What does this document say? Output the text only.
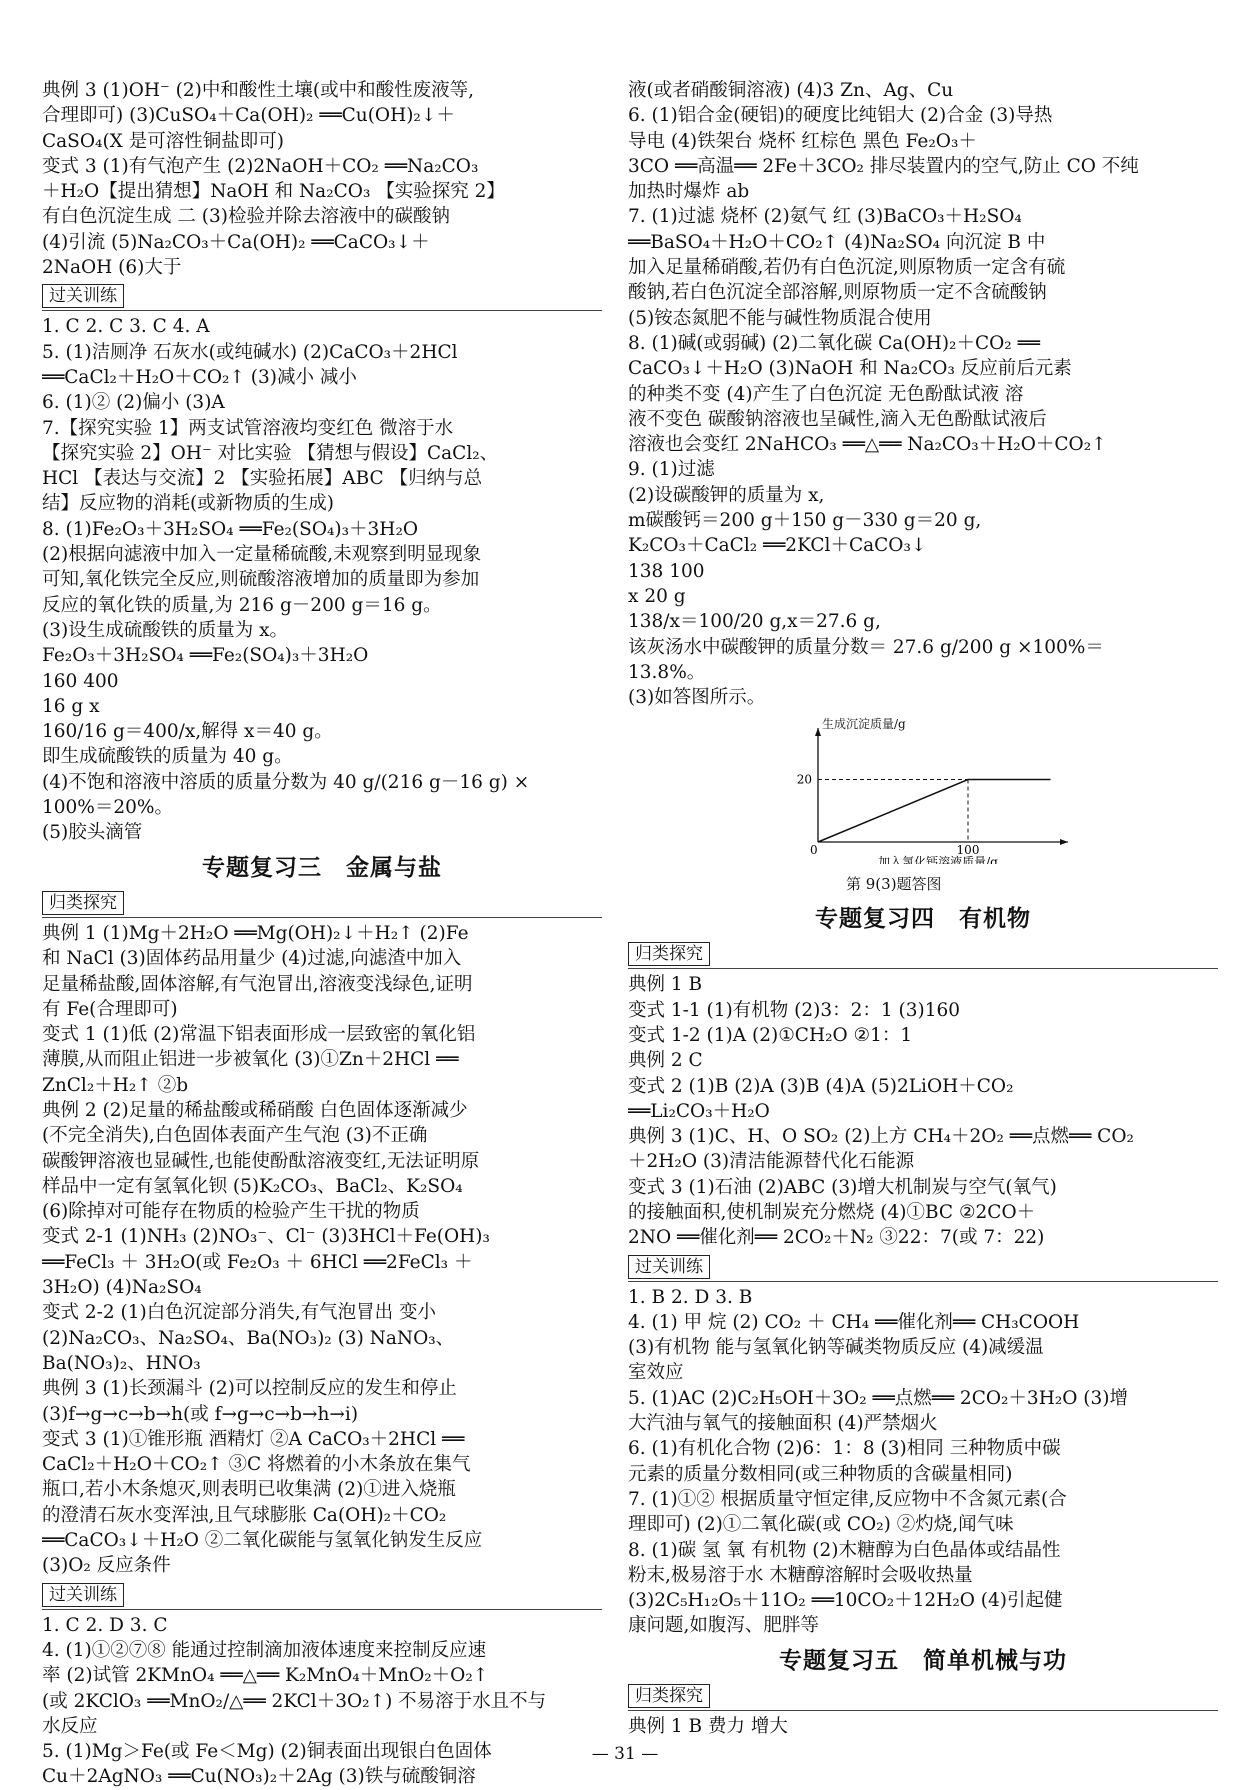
典例 3 (1)OH⁻ (2)中和酸性土壤(或中和酸性废液等,
合理即可) (3)CuSO₄＋Ca(OH)₂ ══Cu(OH)₂↓＋
CaSO₄(X 是可溶性铜盐即可)
变式 3 (1)有气泡产生 (2)2NaOH＋CO₂ ══Na₂CO₃
＋H₂O【提出猜想】NaOH 和 Na₂CO₃ 【实验探究 2】
有白色沉淀生成 二 (3)检验并除去溶液中的碳酸钠
(4)引流 (5)Na₂CO₃＋Ca(OH)₂ ══CaCO₃↓＋
2NaOH (6)大于
过关训练
1. C 2. C 3. C 4. A
5. (1)洁厕净 石灰水(或纯碱水) (2)CaCO₃＋2HCl
══CaCl₂＋H₂O＋CO₂↑ (3)减小 减小
6. (1)② (2)偏小 (3)A
7.【探究实验 1】两支试管溶液均变红色 微溶于水
【探究实验 2】OH⁻ 对比实验 【猜想与假设】CaCl₂、
HCl 【表达与交流】2 【实验拓展】ABC 【归纳与总
结】反应物的消耗(或新物质的生成)
8. (1)Fe₂O₃＋3H₂SO₄ ══Fe₂(SO₄)₃＋3H₂O
(2)根据向滤液中加入一定量稀硫酸,未观察到明显现象
可知,氧化铁完全反应,则硫酸溶液增加的质量即为参加
反应的氧化铁的质量,为 216 g－200 g＝16 g。
(3)设生成硫酸铁的质量为 x。
Fe₂O₃＋3H₂SO₄ ══Fe₂(SO₄)₃＋3H₂O
160 400
16 g x
160/16 g＝400/x,解得 x＝40 g。
即生成硫酸铁的质量为 40 g。
(4)不饱和溶液中溶质的质量分数为 40 g/(216 g－16 g) ×
100%＝20%。
(5)胶头滴管
专题复习三　金属与盐
归类探究
典例 1 (1)Mg＋2H₂O ══Mg(OH)₂↓＋H₂↑ (2)Fe
和 NaCl (3)固体药品用量少 (4)过滤,向滤渣中加入
足量稀盐酸,固体溶解,有气泡冒出,溶液变浅绿色,证明
有 Fe(合理即可)
变式 1 (1)低 (2)常温下铝表面形成一层致密的氧化铝
薄膜,从而阻止铝进一步被氧化 (3)①Zn＋2HCl ══
ZnCl₂＋H₂↑ ②b
典例 2 (2)足量的稀盐酸或稀硝酸 白色固体逐渐减少
(不完全消失),白色固体表面产生气泡 (3)不正确
碳酸钾溶液也显碱性,也能使酚酞溶液变红,无法证明原
样品中一定有氢氧化钡 (5)K₂CO₃、BaCl₂、K₂SO₄
(6)除掉对可能存在物质的检验产生干扰的物质
变式 2-1 (1)NH₃ (2)NO₃⁻、Cl⁻ (3)3HCl＋Fe(OH)₃
══FeCl₃ ＋ 3H₂O(或 Fe₂O₃ ＋ 6HCl ══2FeCl₃ ＋
3H₂O) (4)Na₂SO₄
变式 2-2 (1)白色沉淀部分消失,有气泡冒出 变小
(2)Na₂CO₃、Na₂SO₄、Ba(NO₃)₂ (3) NaNO₃、
Ba(NO₃)₂、HNO₃
典例 3 (1)长颈漏斗 (2)可以控制反应的发生和停止
(3)f→g→c→b→h(或 f→g→c→b→h→i)
变式 3 (1)①锥形瓶 酒精灯 ②A CaCO₃＋2HCl ══
CaCl₂＋H₂O＋CO₂↑ ③C 将燃着的小木条放在集气
瓶口,若小木条熄灭,则表明已收集满 (2)①进入烧瓶
的澄清石灰水变浑浊,且气球膨胀 Ca(OH)₂＋CO₂
══CaCO₃↓＋H₂O ②二氧化碳能与氢氧化钠发生反应
(3)O₂ 反应条件
过关训练
1. C 2. D 3. C
4. (1)①②⑦⑧ 能通过控制滴加液体速度来控制反应速
率 (2)试管 2KMnO₄ ══△══ K₂MnO₄＋MnO₂＋O₂↑
(或 2KClO₃ ══MnO₂/△══ 2KCl＋3O₂↑) 不易溶于水且不与
水反应
5. (1)Mg＞Fe(或 Fe＜Mg) (2)铜表面出现银白色固体
Cu＋2AgNO₃ ══Cu(NO₃)₂＋2Ag (3)铁与硫酸铜溶
液(或者硝酸铜溶液) (4)3 Zn、Ag、Cu
6. (1)铝合金(硬铝)的硬度比纯铝大 (2)合金 (3)导热
导电 (4)铁架台 烧杯 红棕色 黑色 Fe₂O₃＋
3CO ══高温══ 2Fe＋3CO₂ 排尽装置内的空气,防止 CO 不纯
加热时爆炸 ab
7. (1)过滤 烧杯 (2)氨气 红 (3)BaCO₃＋H₂SO₄
══BaSO₄＋H₂O＋CO₂↑ (4)Na₂SO₄ 向沉淀 B 中
加入足量稀硝酸,若仍有白色沉淀,则原物质一定含有硫
酸钠,若白色沉淀全部溶解,则原物质一定不含硫酸钠
(5)铵态氮肥不能与碱性物质混合使用
8. (1)碱(或弱碱) (2)二氧化碳 Ca(OH)₂＋CO₂ ══
CaCO₃↓＋H₂O (3)NaOH 和 Na₂CO₃ 反应前后元素
的种类不变 (4)产生了白色沉淀 无色酚酞试液 溶
液不变色 碳酸钠溶液也呈碱性,滴入无色酚酞试液后
溶液也会变红 2NaHCO₃ ══△══ Na₂CO₃＋H₂O＋CO₂↑
9. (1)过滤
(2)设碳酸钾的质量为 x,
m碳酸钙＝200 g＋150 g－330 g＝20 g,
K₂CO₃＋CaCl₂ ══2KCl＋CaCO₃↓
138 100
x 20 g
138/x＝100/20 g,x＝27.6 g,
该灰汤水中碳酸钾的质量分数＝ 27.6 g/200 g ×100%＝
13.8%。
(3)如答图所示。
生成沉淀质量/g
20
0	100
加入氯化钙溶液质量/g
第 9(3)题答图
专题复习四　有机物
归类探究
典例 1 B
变式 1-1 (1)有机物 (2)3：2：1 (3)160
变式 1-2 (1)A (2)①CH₂O ②1：1
典例 2 C
变式 2 (1)B (2)A (3)B (4)A (5)2LiOH＋CO₂
══Li₂CO₃＋H₂O
典例 3 (1)C、H、O SO₂ (2)上方 CH₄＋2O₂ ══点燃══ CO₂
＋2H₂O (3)清洁能源替代化石能源
变式 3 (1)石油 (2)ABC (3)增大机制炭与空气(氧气)
的接触面积,使机制炭充分燃烧 (4)①BC ②2CO＋
2NO ══催化剂══ 2CO₂＋N₂ ③22：7(或 7：22)
过关训练
1. B 2. D 3. B
4. (1) 甲 烷 (2) CO₂ ＋ CH₄ ══催化剂══ CH₃COOH
(3)有机物 能与氢氧化钠等碱类物质反应 (4)减缓温
室效应
5. (1)AC (2)C₂H₅OH＋3O₂ ══点燃══ 2CO₂＋3H₂O (3)增
大汽油与氧气的接触面积 (4)严禁烟火
6. (1)有机化合物 (2)6：1：8 (3)相同 三种物质中碳
元素的质量分数相同(或三种物质的含碳量相同)
7. (1)①② 根据质量守恒定律,反应物中不含氮元素(合
理即可) (2)①二氧化碳(或 CO₂) ②灼烧,闻气味
8. (1)碳 氢 氧 有机物 (2)木糖醇为白色晶体或结晶性
粉末,极易溶于水 木糖醇溶解时会吸收热量
(3)2C₅H₁₂O₅＋11O₂ ══10CO₂＋12H₂O (4)引起健
康问题,如腹泻、肥胖等
专题复习五　简单机械与功
归类探究
典例 1 B 费力 增大
— 31 —
